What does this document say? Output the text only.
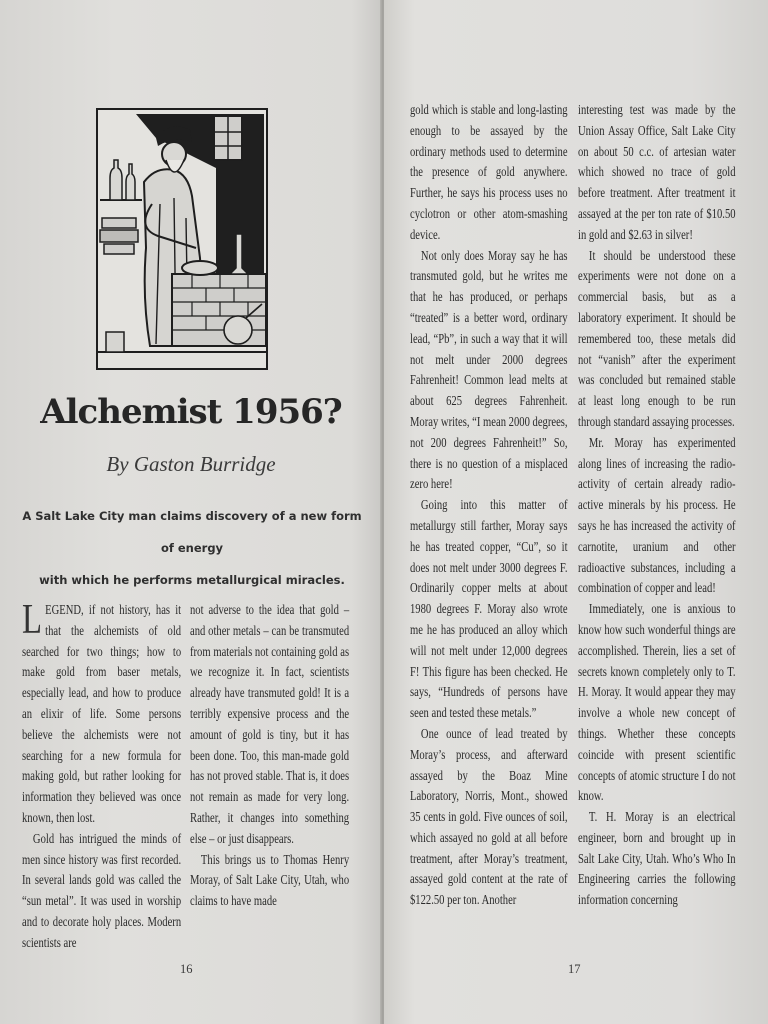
Alchemist 1956?
By Gaston Burridge
A Salt Lake City man claims discovery of a new form of energy
with which he performs metallurgical miracles.

LEGEND, if not history, has it that the alchemists of old searched for two things; how to make gold from baser metals, especially lead, and how to produce an elixir of life. Some persons believe the alchemists were not searching for a new formula for making gold, but rather looking for information they believed was once known, then lost.

Gold has intrigued the minds of men since history was first recorded. In several lands gold was called the “sun metal”. It was used in worship and to decorate holy places. Modern scientists are

not adverse to the idea that gold – and other metals – can be transmuted from materials not containing gold as we recognize it. In fact, scientists already have transmuted gold! It is a terribly expensive process and the amount of gold is tiny, but it has been done. Too, this man-made gold has not proved stable. That is, it does not remain as made for very long. Rather, it changes into something else – or just disappears.

This brings us to Thomas Henry Moray, of Salt Lake City, Utah, who claims to have made

16

gold which is stable and long-lasting enough to be assayed by the ordinary methods used to determine the presence of gold anywhere. Further, he says his process uses no cyclotron or other atom-smashing device.

Not only does Moray say he has transmuted gold, but he writes me that he has produced, or perhaps “treated” is a better word, ordinary lead, “Pb”, in such a way that it will not melt under 2000 degrees Fahrenheit! Common lead melts at about 625 degrees Fahrenheit. Moray writes, “I mean 2000 degrees, not 200 degrees Fahrenheit!” So, there is no question of a misplaced zero here!

Going into this matter of metallurgy still farther, Moray says he has treated copper, “Cu”, so it does not melt under 3000 degrees F. Ordinarily copper melts at about 1980 degrees F. Moray also wrote me he has produced an alloy which will not melt under 12,000 degrees F! This figure has been checked. He says, “Hundreds of persons have seen and tested these metals.”

One ounce of lead treated by Moray’s process, and afterward assayed by the Boaz Mine Laboratory, Norris, Mont., showed 35 cents in gold. Five ounces of soil, which assayed no gold at all before treatment, after Moray’s treatment, assayed gold content at the rate of $122.50 per ton. Another

interesting test was made by the Union Assay Office, Salt Lake City on about 50 c.c. of artesian water which showed no trace of gold before treatment. After treatment it assayed at the per ton rate of $10.50 in gold and $2.63 in silver!

It should be understood these experiments were not done on a commercial basis, but as a laboratory experiment. It should be remembered too, these metals did not “vanish” after the experiment was concluded but remained stable at least long enough to be run through standard assaying processes.

Mr. Moray has experimented along lines of increasing the radio-activity of certain already radio-active minerals by his process. He says he has increased the activity of carnotite, uranium and other radioactive substances, including a combination of copper and lead!

Immediately, one is anxious to know how such wonderful things are accomplished. Therein, lies a set of secrets known completely only to T. H. Moray. It would appear they may involve a whole new concept of things. Whether these concepts coincide with present scientific concepts of atomic structure I do not know.

T. H. Moray is an electrical engineer, born and brought up in Salt Lake City, Utah. Who’s Who In Engineering carries the following information concerning

17
